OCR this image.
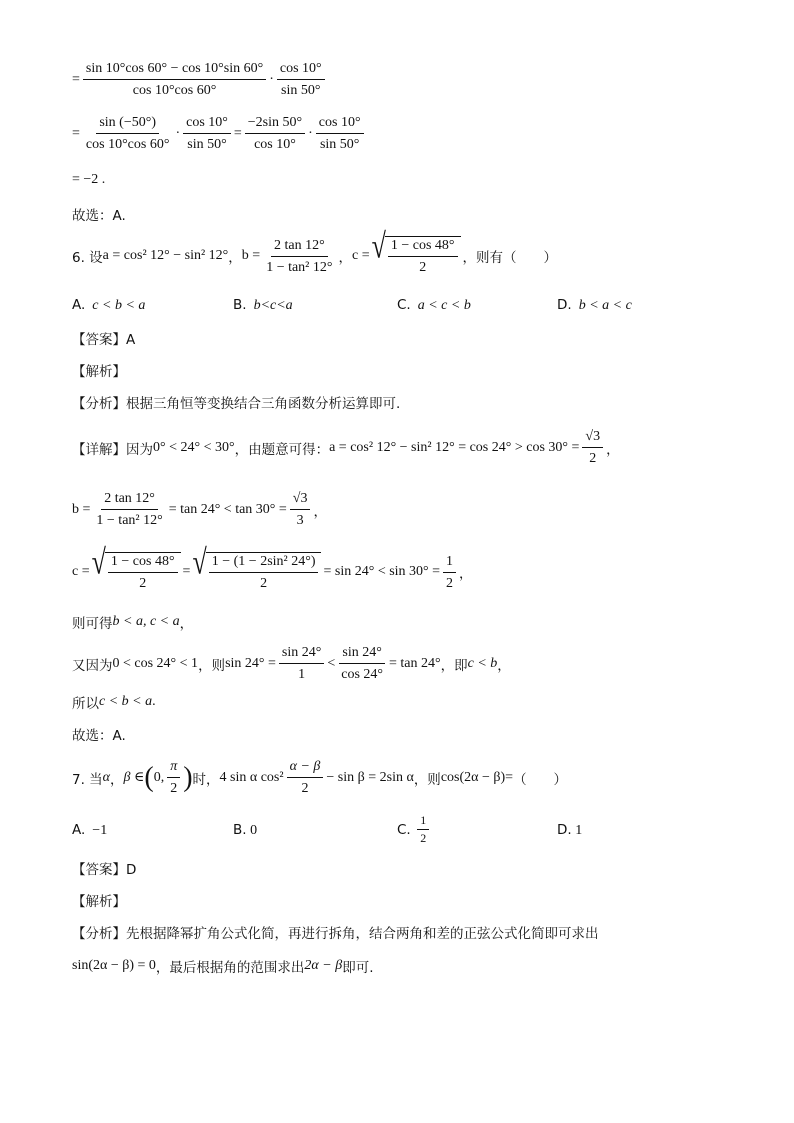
= $\frac{\sin 10^\circ\cos 60^\circ - \cos 10^\circ\sin 60^\circ}{\cos 10^\circ\cos 60^\circ} \cdot \frac{\cos 10^\circ}{\sin 50^\circ}$
= $\frac{\sin (-50^\circ)}{\cos 10^\circ\cos 60^\circ} \cdot \frac{\cos 10^\circ}{\sin 50^\circ} = \frac{-2\sin 50^\circ}{\cos 10^\circ} \cdot \frac{\cos 10^\circ}{\sin 50^\circ}$
= −2 .
故选：A.
6. 设 a = cos² 12° − sin² 12° ， $b = \frac{2 \tan 12^\circ}{\text{1 − tan² 12°}}$ ， c = √ $\frac{1 - \cos 48^\circ}{2}$ ，则有（　　）
A. c < b < a	B. b<c<a	C. a < c < b	D. b < a < c
【答案】A
【解析】
【分析】根据三角恒等变换结合三角函数分析运算即可.
【详解】因为 0° < 24° < 30° ，由题意可得： a = cos² 12° − sin² $12^\circ = \cos 24^\circ > \cos 30^\circ = \frac{√3}{2}$ ，
$b = \frac{2 \tan 12^\circ}{\text{1 − tan² 12°}} = \tan 24^\circ < \tan 30^\circ = \frac{√3}{3}$ ，
c = √ $\frac{1 - \cos 48^\circ}{2}$ = √ $\frac{\text{1 − (1 − 2sin² 24°)}}{2} = \sin 24^\circ < \sin 30^\circ = \frac{1}{2}$ ，
则可得 b < a, c < a ，
又因为 0 < cos 24° < 1 ，则 $\sin 24^\circ = \frac{\sin 24^\circ}{1} < \frac{\sin 24^\circ}{\cos 24^\circ} = \tan 24^\circ$ ，即 c < b ，
所以 c < b < a .
故选：A.
7. 当 α ， β ∈ ( 0, $\frac{\pi}{2}$ ) 时， 4 sin α $\cos^2 \frac{\alpha - \beta}{2} - \sin \beta = 2\sin$ α ，则 cos(2α − β)= （　　）
A. −1	B. 0	C.
$\frac{1}{2}$	D. 1
【答案】D
【解析】
【分析】先根据降幂扩角公式化简，再进行拆角，结合两角和差的正弦公式化简即可求出
sin(2α − β) = 0 ，最后根据角的范围求出 2α − β 即可.
